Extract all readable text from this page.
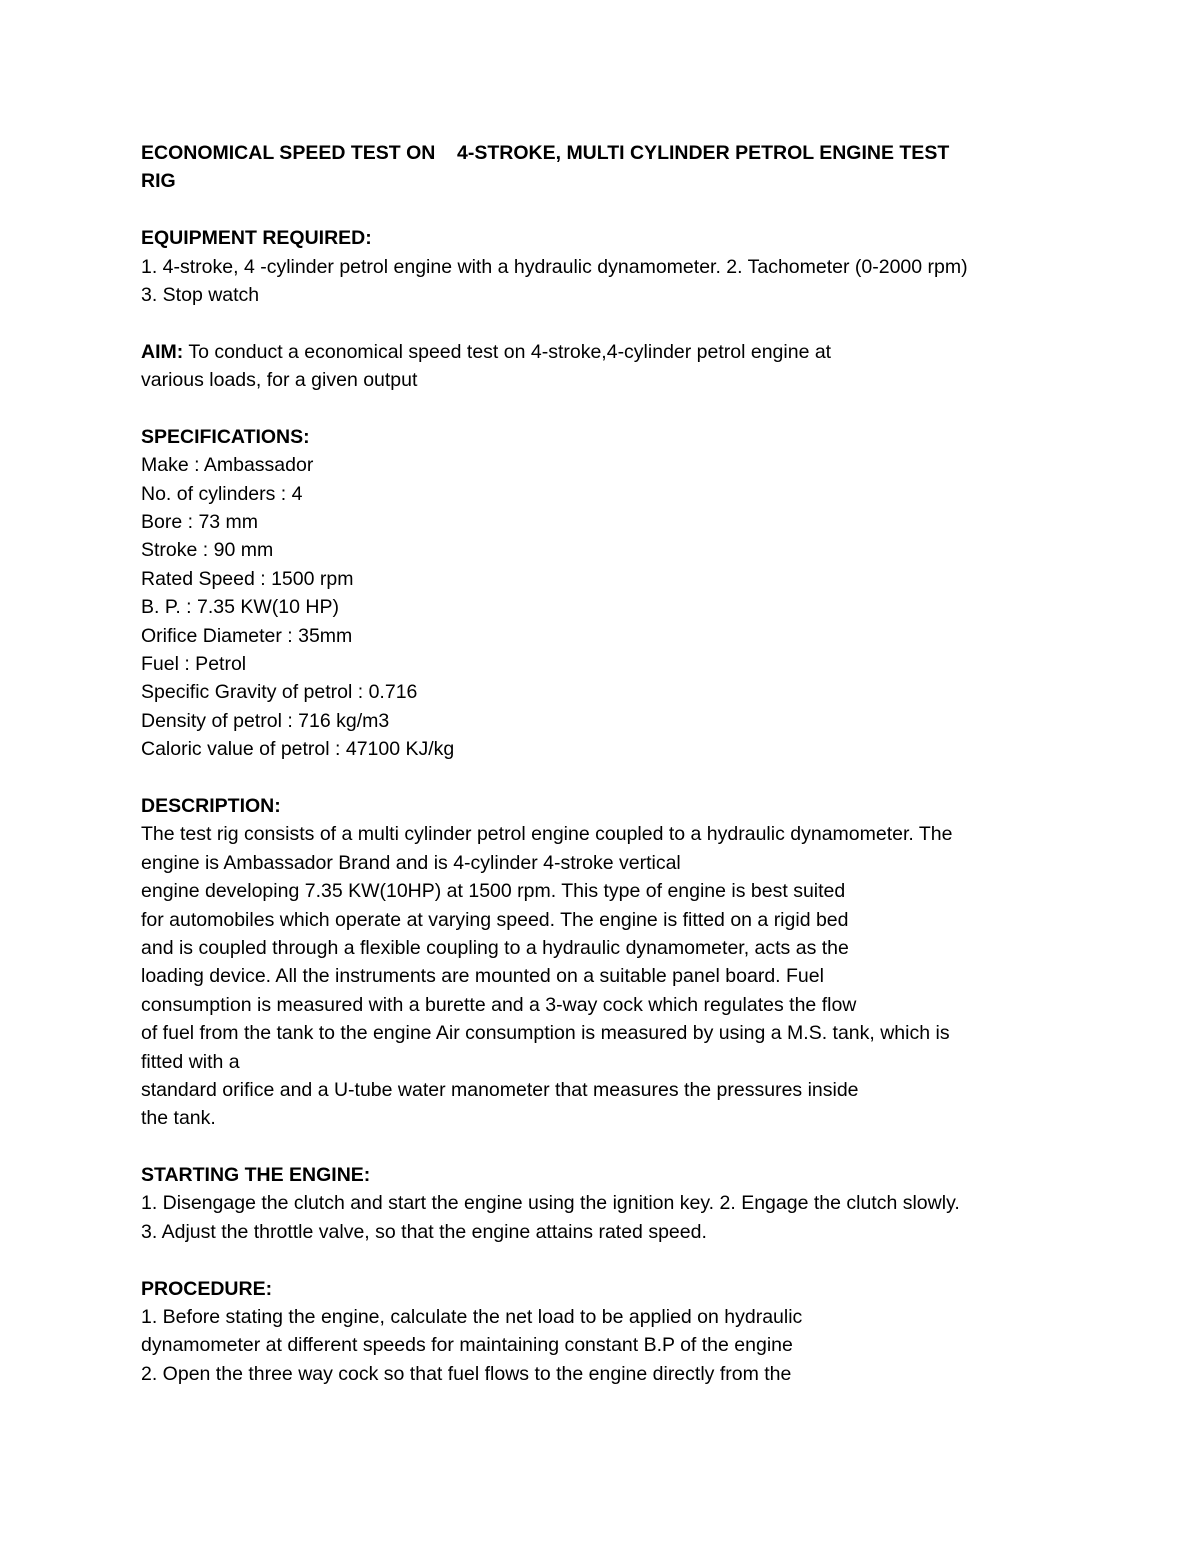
ECONOMICAL SPEED TEST ON    4-STROKE, MULTI CYLINDER PETROL ENGINE TEST
RIG
EQUIPMENT REQUIRED:
1. 4-stroke, 4 -cylinder petrol engine with a hydraulic dynamometer. 2. Tachometer (0-2000 rpm)
3. Stop watch
AIM: To conduct a economical speed test on 4-stroke,4-cylinder petrol engine at
various loads, for a given output
SPECIFICATIONS:
Make : Ambassador
No. of cylinders : 4
Bore : 73 mm
Stroke : 90 mm
Rated Speed : 1500 rpm
B. P. : 7.35 KW(10 HP)
Orifice Diameter : 35mm
Fuel : Petrol
Specific Gravity of petrol : 0.716
Density of petrol : 716 kg/m3
Caloric value of petrol : 47100 KJ/kg
DESCRIPTION:
The test rig consists of a multi cylinder petrol engine coupled to a hydraulic dynamometer. The
engine is Ambassador Brand and is 4-cylinder 4-stroke vertical
engine developing 7.35 KW(10HP) at 1500 rpm. This type of engine is best suited
for automobiles which operate at varying speed. The engine is fitted on a rigid bed
and is coupled through a flexible coupling to a hydraulic dynamometer, acts as the
loading device. All the instruments are mounted on a suitable panel board. Fuel
consumption is measured with a burette and a 3-way cock which regulates the flow
of fuel from the tank to the engine Air consumption is measured by using a M.S. tank, which is
fitted with a
standard orifice and a U-tube water manometer that measures the pressures inside
the tank.
STARTING THE ENGINE:
1. Disengage the clutch and start the engine using the ignition key. 2. Engage the clutch slowly.
3. Adjust the throttle valve, so that the engine attains rated speed.
PROCEDURE:
1. Before stating the engine, calculate the net load to be applied on hydraulic
dynamometer at different speeds for maintaining constant B.P of the engine
2. Open the three way cock so that fuel flows to the engine directly from the
